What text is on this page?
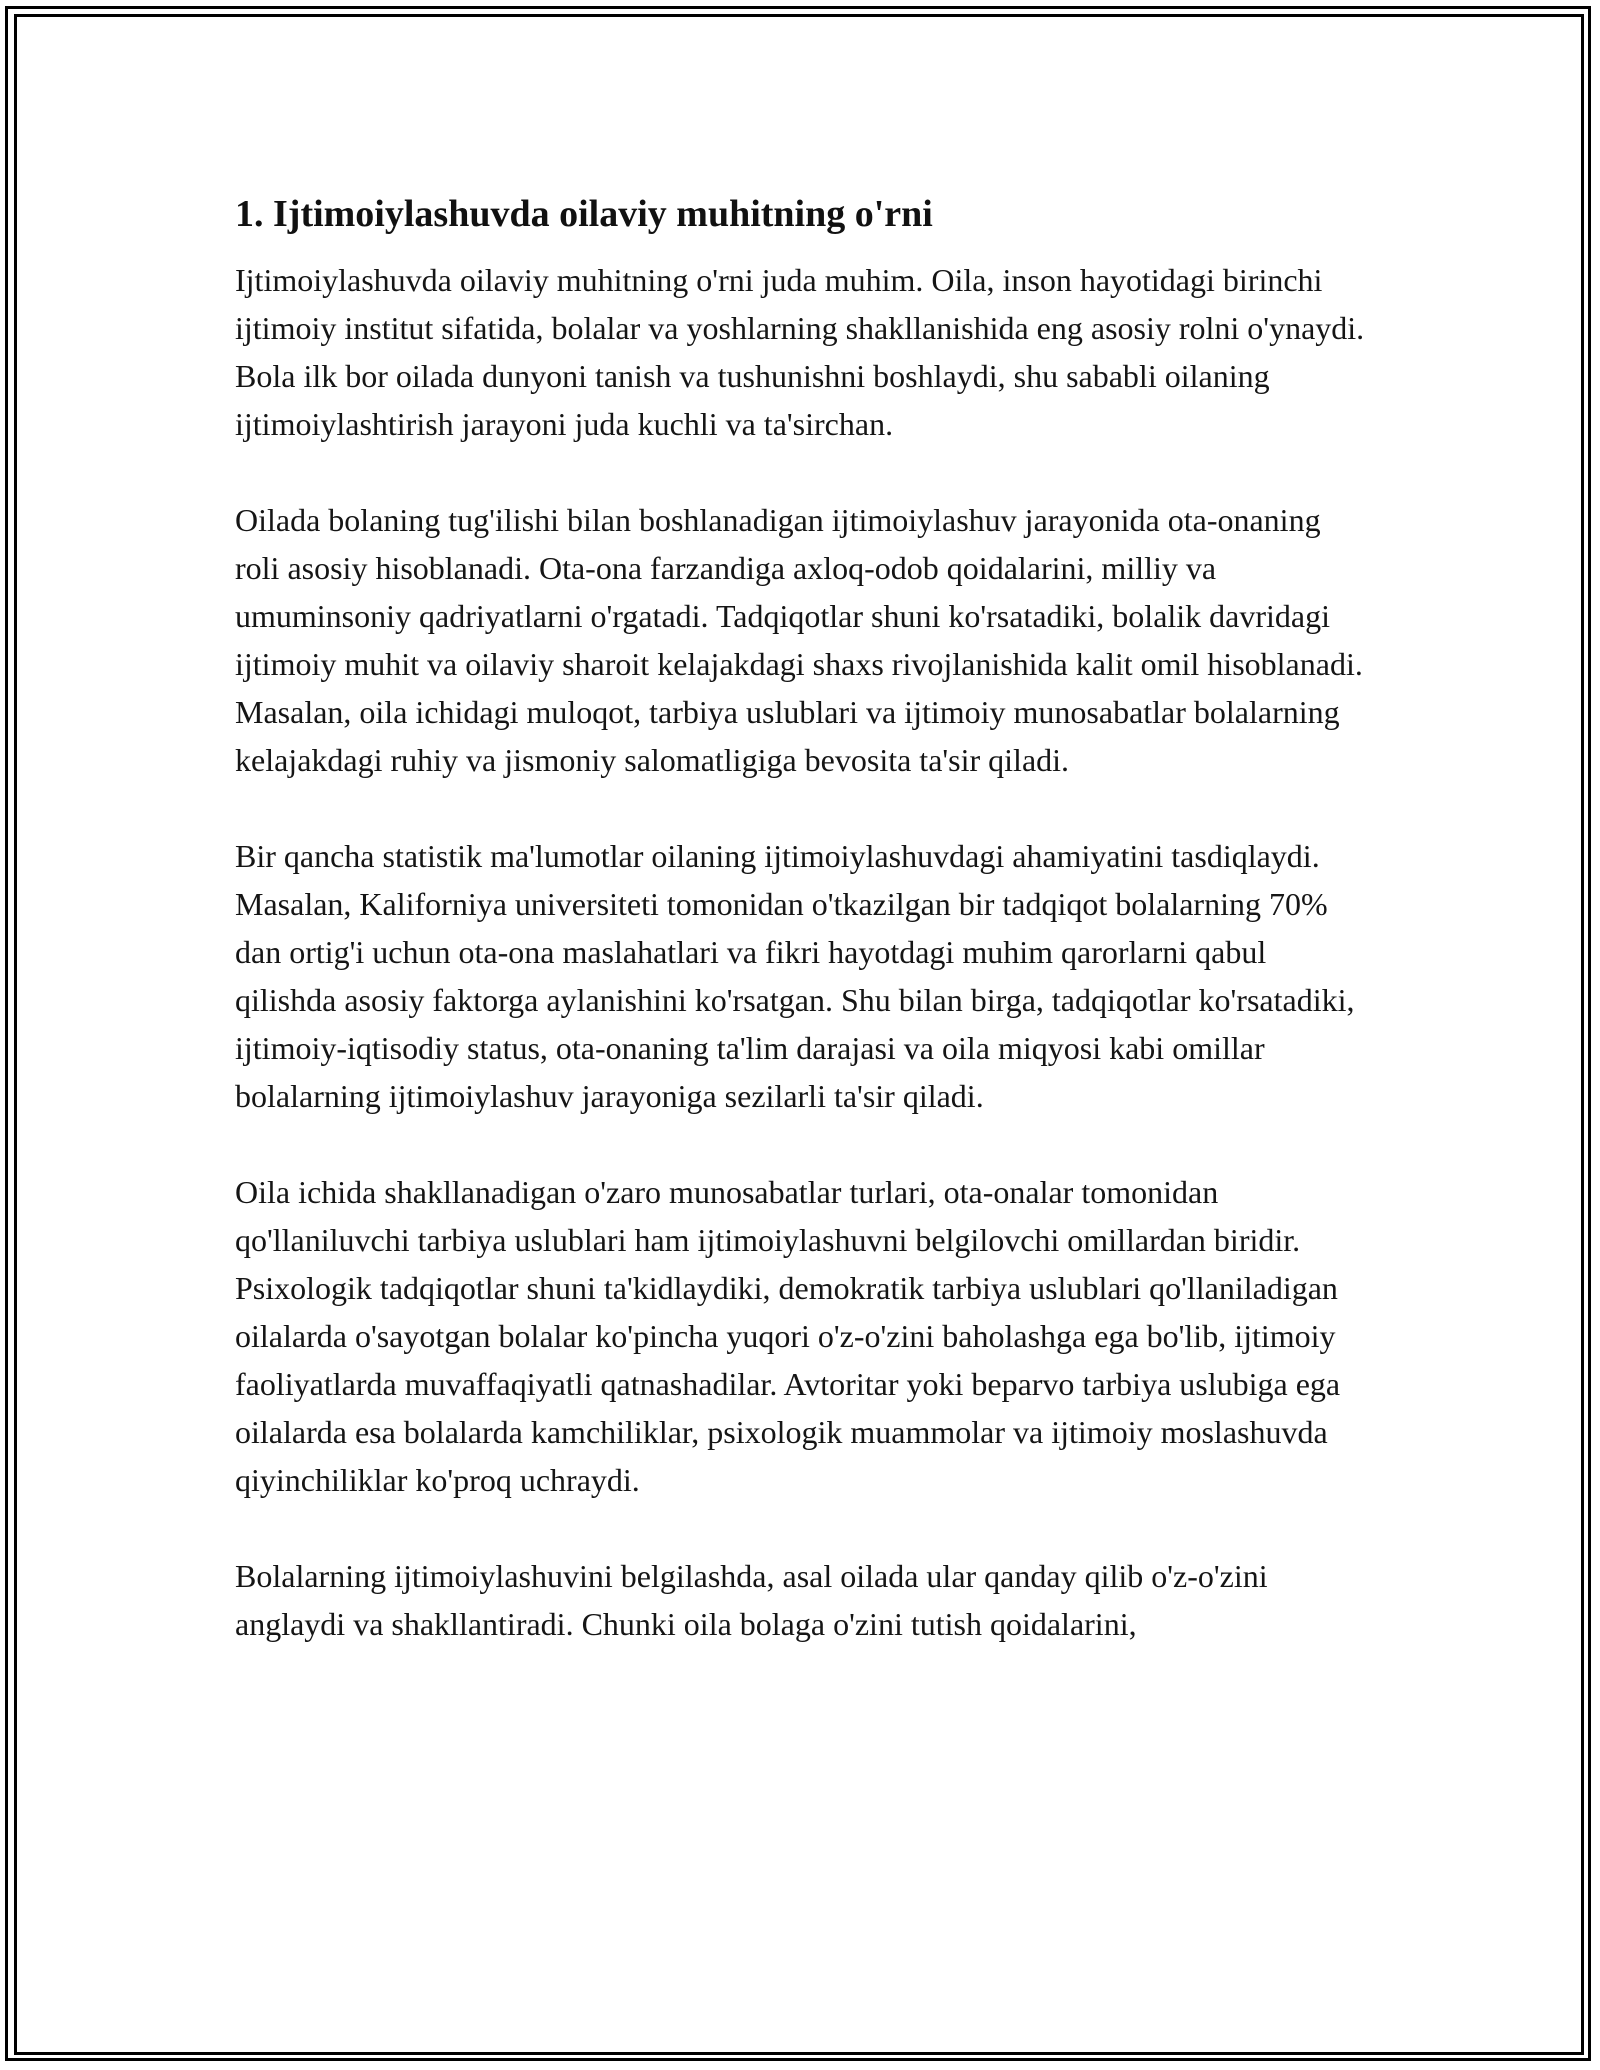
1. Ijtimoiylashuvda oilaviy muhitning o'rni

Ijtimoiylashuvda oilaviy muhitning o'rni juda muhim. Oila, inson hayotidagi birinchi ijtimoiy institut sifatida, bolalar va yoshlarning shakllanishida eng asosiy rolni o'ynaydi. Bola ilk bor oilada dunyoni tanish va tushunishni boshlaydi, shu sababli oilaning ijtimoiylashtirish jarayoni juda kuchli va ta'sirchan.

Oilada bolaning tug'ilishi bilan boshlanadigan ijtimoiylashuv jarayonida ota-onaning roli asosiy hisoblanadi. Ota-ona farzandiga axloq-odob qoidalarini, milliy va umuminsoniy qadriyatlarni o'rgatadi. Tadqiqotlar shuni ko'rsatadiki, bolalik davridagi ijtimoiy muhit va oilaviy sharoit kelajakdagi shaxs rivojlanishida kalit omil hisoblanadi. Masalan, oila ichidagi muloqot, tarbiya uslublari va ijtimoiy munosabatlar bolalarning kelajakdagi ruhiy va jismoniy salomatligiga bevosita ta'sir qiladi.

Bir qancha statistik ma'lumotlar oilaning ijtimoiylashuvdagi ahamiyatini tasdiqlaydi. Masalan, Kaliforniya universiteti tomonidan o'tkazilgan bir tadqiqot bolalarning 70% dan ortig'i uchun ota-ona maslahatlari va fikri hayotdagi muhim qarorlarni qabul qilishda asosiy faktorga aylanishini ko'rsatgan. Shu bilan birga, tadqiqotlar ko'rsatadiki, ijtimoiy-iqtisodiy status, ota-onaning ta'lim darajasi va oila miqyosi kabi omillar bolalarning ijtimoiylashuv jarayoniga sezilarli ta'sir qiladi.

Oila ichida shakllanadigan o'zaro munosabatlar turlari, ota-onalar tomonidan qo'llaniluvchi tarbiya uslublari ham ijtimoiylashuvni belgilovchi omillardan biridir. Psixologik tadqiqotlar shuni ta'kidlaydiki, demokratik tarbiya uslublari qo'llaniladigan oilalarda o'sayotgan bolalar ko'pincha yuqori o'z-o'zini baholashga ega bo'lib, ijtimoiy faoliyatlarda muvaffaqiyatli qatnashadilar. Avtoritar yoki beparvo tarbiya uslubiga ega oilalarda esa bolalarda kamchiliklar, psixologik muammolar va ijtimoiy moslashuvda qiyinchiliklar ko'proq uchraydi.

Bolalarning ijtimoiylashuvini belgilashda, asal oilada ular qanday qilib o'z-o'zini anglaydi va shakllantiradi. Chunki oila bolaga o'zini tutish qoidalarini,
